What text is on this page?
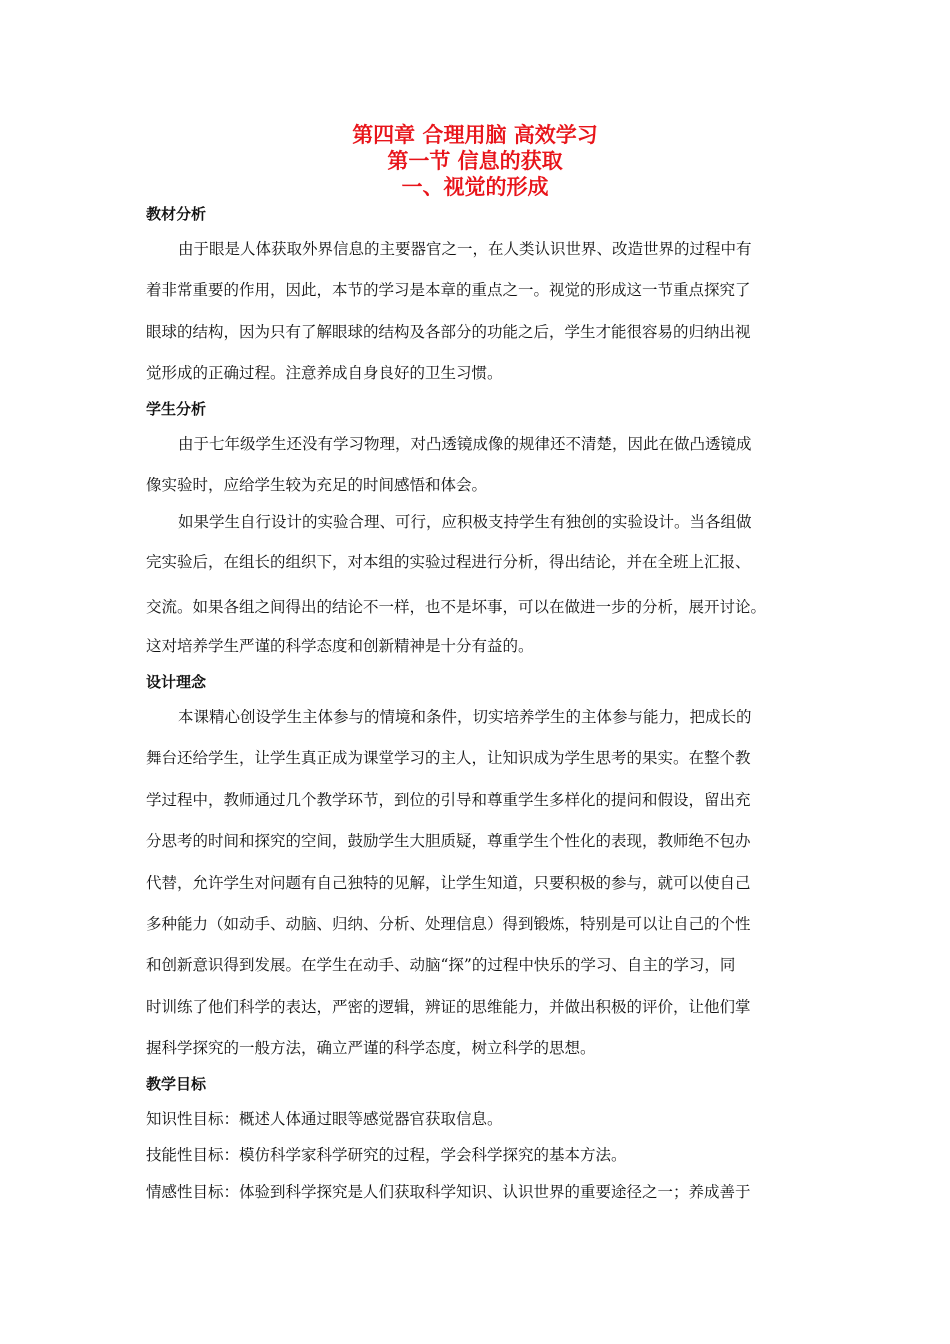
第四章 合理用脑 高效学习
第一节 信息的获取
一、视觉的形成
教材分析
由于眼是人体获取外界信息的主要器官之一，在人类认识世界、改造世界的过程中有
着非常重要的作用，因此，本节的学习是本章的重点之一。视觉的形成这一节重点探究了
眼球的结构，因为只有了解眼球的结构及各部分的功能之后，学生才能很容易的归纳出视
觉形成的正确过程。注意养成自身良好的卫生习惯。
学生分析
由于七年级学生还没有学习物理，对凸透镜成像的规律还不清楚，因此在做凸透镜成
像实验时，应给学生较为充足的时间感悟和体会。
如果学生自行设计的实验合理、可行，应积极支持学生有独创的实验设计。当各组做
完实验后，在组长的组织下，对本组的实验过程进行分析，得出结论，并在全班上汇报、
交流。如果各组之间得出的结论不一样，也不是坏事，可以在做进一步的分析，展开讨论。
这对培养学生严谨的科学态度和创新精神是十分有益的。
设计理念
本课精心创设学生主体参与的情境和条件，切实培养学生的主体参与能力，把成长的
舞台还给学生，让学生真正成为课堂学习的主人，让知识成为学生思考的果实。在整个教
学过程中，教师通过几个教学环节，到位的引导和尊重学生多样化的提问和假设，留出充
分思考的时间和探究的空间，鼓励学生大胆质疑，尊重学生个性化的表现，教师绝不包办
代替，允许学生对问题有自己独特的见解，让学生知道，只要积极的参与，就可以使自己
多种能力（如动手、动脑、归纳、分析、处理信息）得到锻炼，特别是可以让自己的个性
和创新意识得到发展。在学生在动手、动脑“探”的过程中快乐的学习、自主的学习，同
时训练了他们科学的表达，严密的逻辑，辨证的思维能力，并做出积极的评价，让他们掌
握科学探究的一般方法，确立严谨的科学态度，树立科学的思想。
教学目标
知识性目标：概述人体通过眼等感觉器官获取信息。
技能性目标：模仿科学家科学研究的过程，学会科学探究的基本方法。
情感性目标：体验到科学探究是人们获取科学知识、认识世界的重要途径之一；养成善于
